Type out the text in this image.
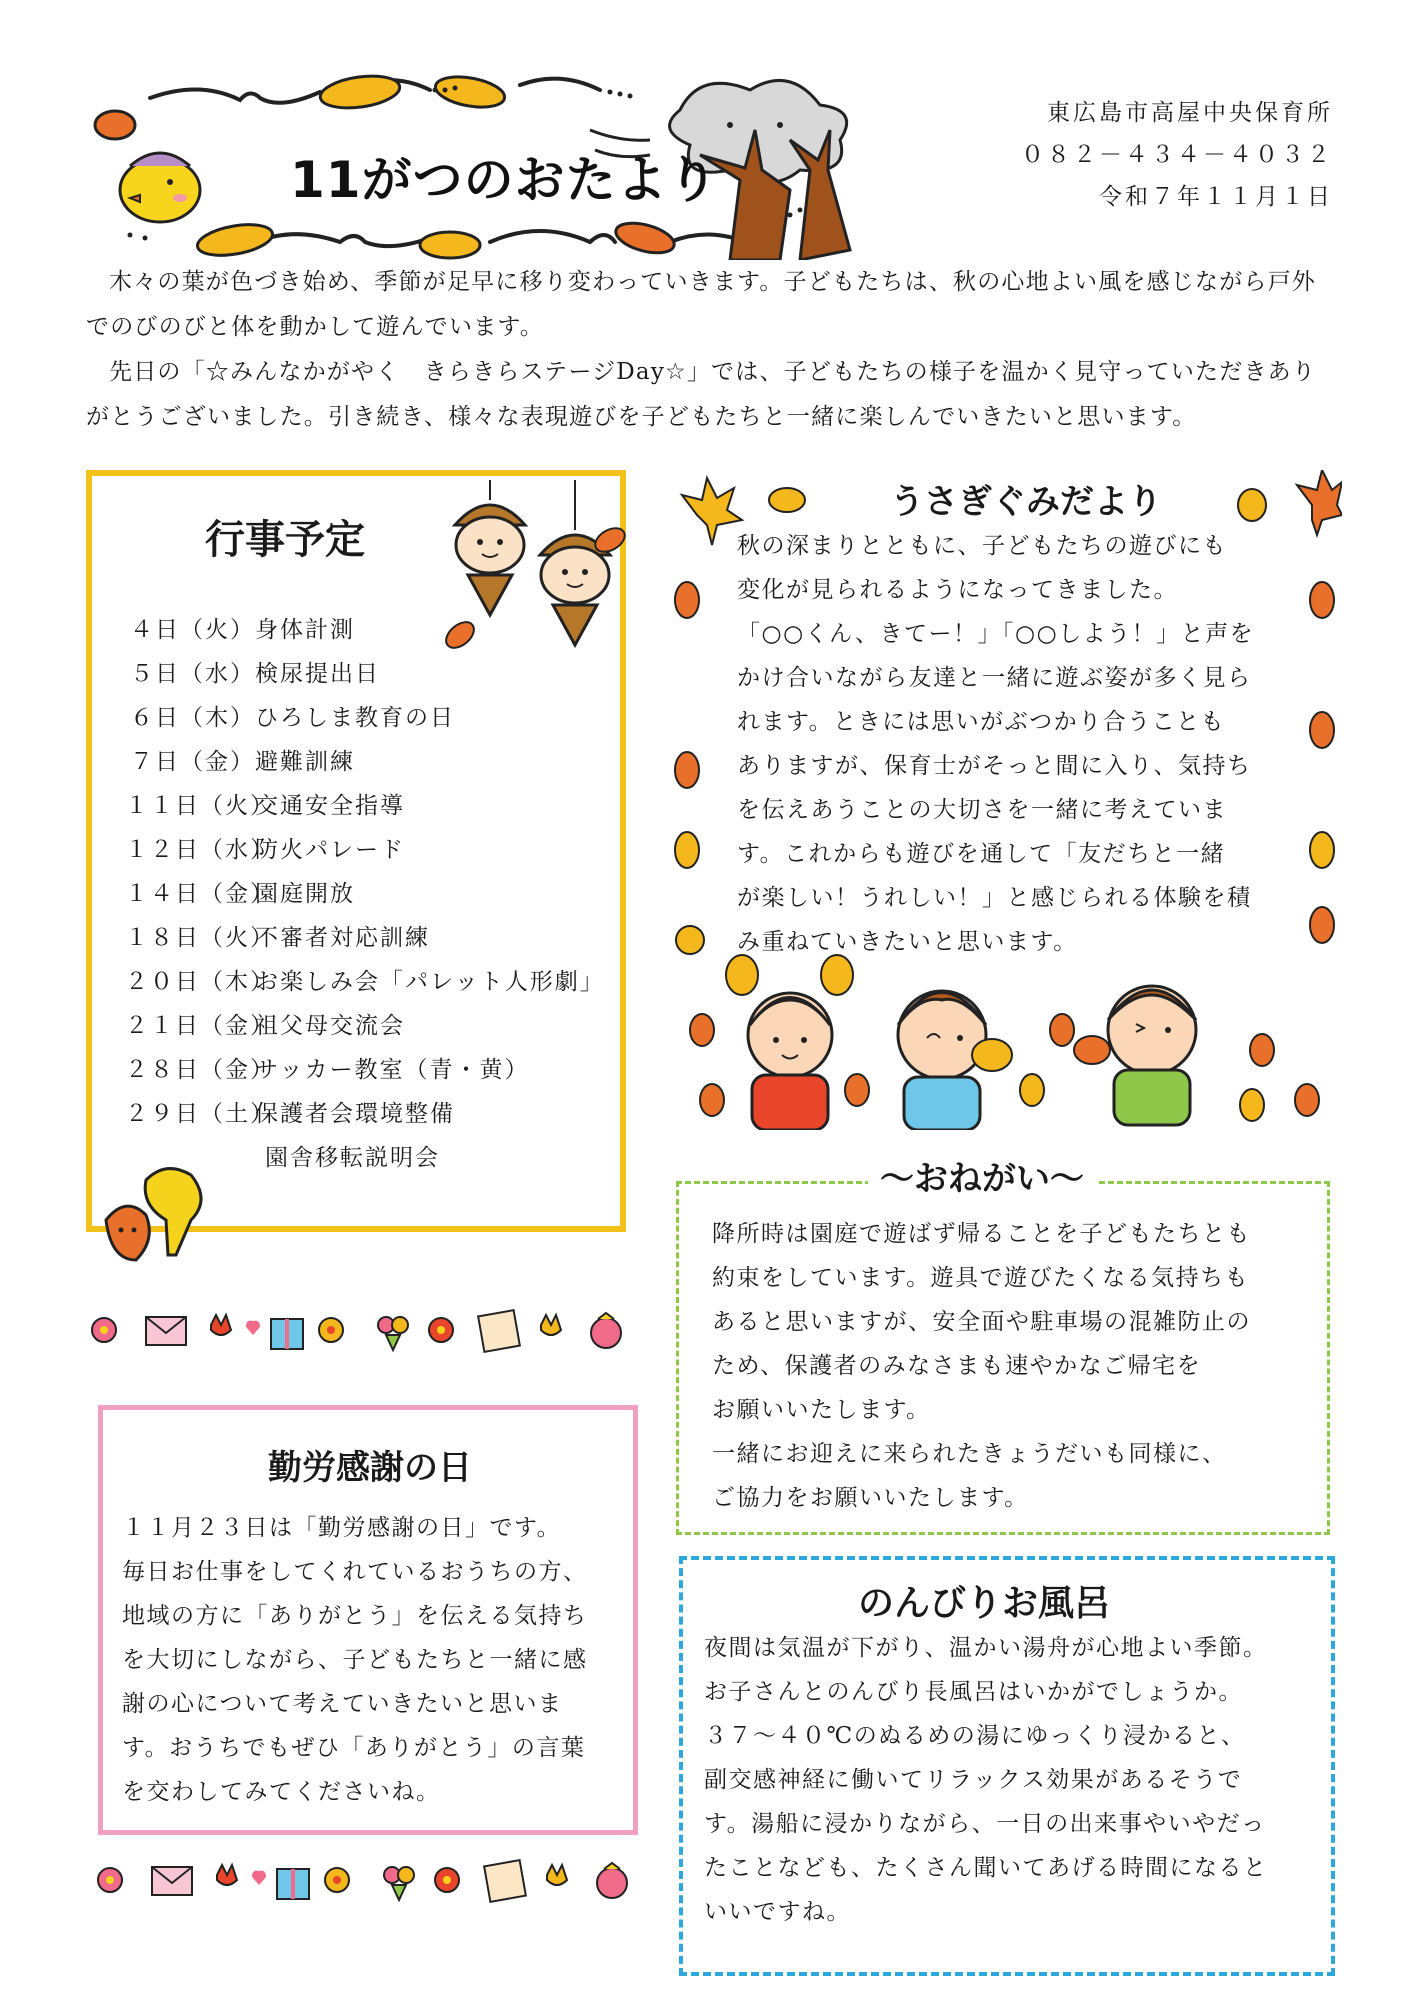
11がつのおたより
東広島市高屋中央保育所
０８２－４３４－４０３２
令和７年１１月１日

木々の葉が色づき始め、季節が足早に移り変わっていきます。子どもたちは、秋の心地よい風を感じながら戸外でのびのびと体を動かして遊んでいます。

先日の「☆みんなかがやく　きらきらステージDay☆」では、子どもたちの様子を温かく見守っていただきありがとうございました。引き続き、様々な表現遊びを子どもたちと一緒に楽しんでいきたいと思います。

行事予定
４日（火） 身体計測
５日（水） 検尿提出日
６日（木） ひろしま教育の日
７日（金） 避難訓練
１１日（火）
交通安全指導
１２日（水）
防火パレード
１４日（金）
園庭開放
１８日（火）
不審者対応訓練
２０日（木）
お楽しみ会「パレット人形劇」
２１日（金）
祖父母交流会
２８日（金）
サッカー教室（青・黄）
２９日（土）
保護者会環境整備
園舎移転説明会
うさぎぐみだより

秋の深まりとともに、子どもたちの遊びにも

変化が見られるようになってきました。

「○○くん、きてー！」「○○しよう！」と声を

かけ合いながら友達と一緒に遊ぶ姿が多く見ら

れます。ときには思いがぶつかり合うことも

ありますが、保育士がそっと間に入り、気持ち

を伝えあうことの大切さを一緒に考えていま

す。これからも遊びを通して「友だちと一緒

が楽しい！うれしい！」と感じられる体験を積

み重ねていきたいと思います。

～おねがい～

降所時は園庭で遊ばず帰ることを子どもたちとも

約束をしています。遊具で遊びたくなる気持ちも

あると思いますが、安全面や駐車場の混雑防止の

ため、保護者のみなさまも速やかなご帰宅を

お願いいたします。

一緒にお迎えに来られたきょうだいも同様に、

ご協力をお願いいたします。

勤労感謝の日

１１月２３日は「勤労感謝の日」です。

毎日お仕事をしてくれているおうちの方、

地域の方に「ありがとう」を伝える気持ち

を大切にしながら、子どもたちと一緒に感

謝の心について考えていきたいと思いま

す。おうちでもぜひ「ありがとう」の言葉

を交わしてみてくださいね。

のんびりお風呂

夜間は気温が下がり、温かい湯舟が心地よい季節。

お子さんとのんびり長風呂はいかがでしょうか。

３７～４０℃のぬるめの湯にゆっくり浸かると、

副交感神経に働いてリラックス効果があるそうで

す。湯船に浸かりながら、一日の出来事やいやだっ

たことなども、たくさん聞いてあげる時間になると

いいですね。
